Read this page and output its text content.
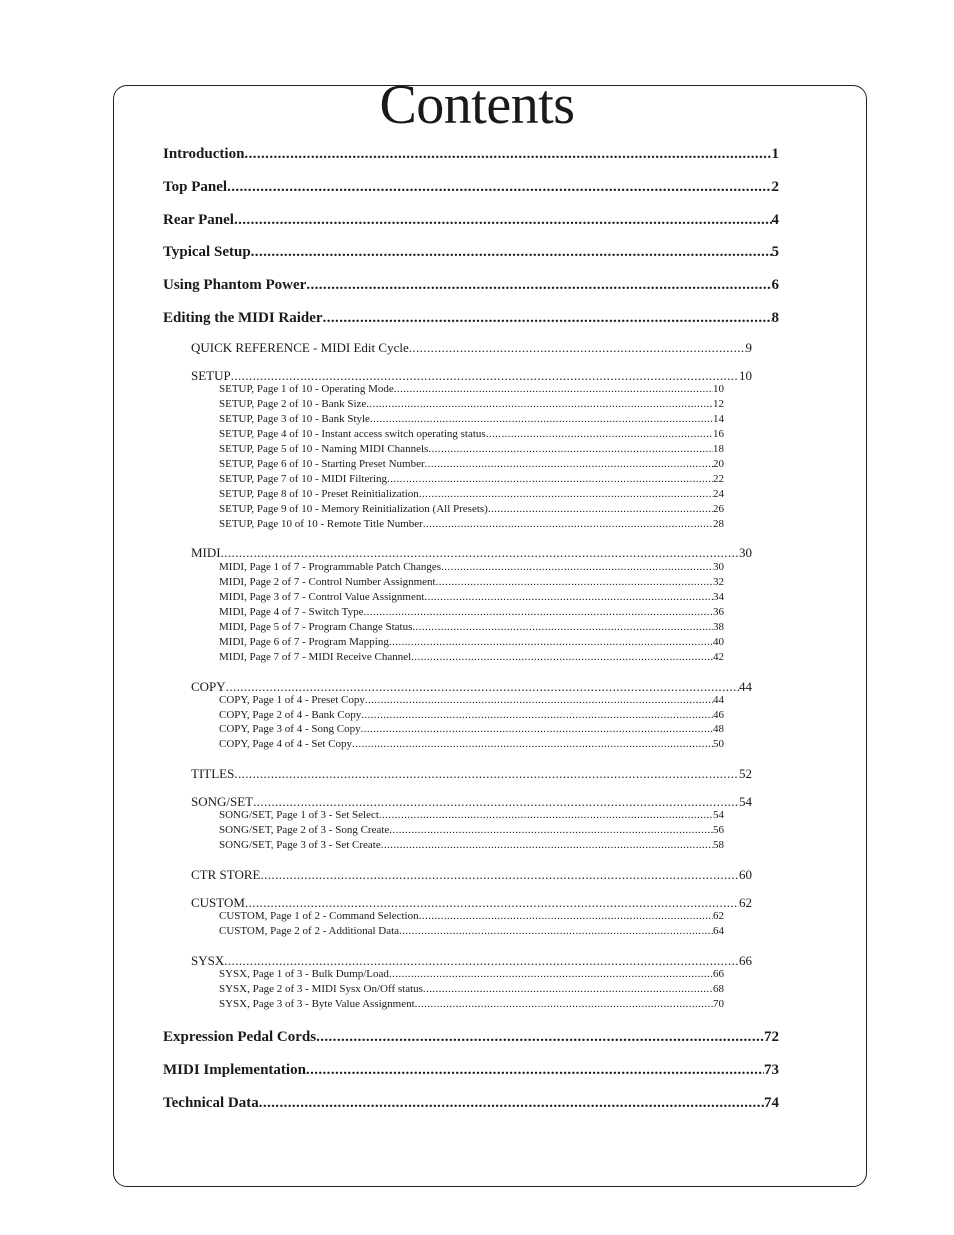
Contents
Introduction .....	1
Top Panel .....	2
Rear Panel .....	4
Typical Setup .....	5
Using Phantom Power .....	6
Editing the MIDI Raider .....	8
QUICK REFERENCE - MIDI Edit Cycle .....	9
SETUP .....	10
SETUP, Page 1 of 10 - Operating Mode .....	10
SETUP, Page 2 of 10 - Bank Size .....	12
SETUP, Page 3 of 10 - Bank Style .....	14
SETUP, Page 4 of 10 - Instant access switch operating status .....	16
SETUP, Page 5 of 10 - Naming MIDI Channels .....	18
SETUP, Page 6 of 10 - Starting Preset Number .....	20
SETUP, Page 7 of 10 - MIDI Filtering .....	22
SETUP, Page 8 of 10 - Preset Reinitialization .....	24
SETUP, Page 9 of 10 - Memory Reinitialization (All Presets) .....	26
SETUP, Page 10 of 10 - Remote Title Number .....	28
MIDI .....	30
MIDI, Page 1 of 7 - Programmable Patch Changes .....	30
MIDI, Page 2 of 7 - Control Number Assignment .....	32
MIDI, Page 3 of 7 - Control Value Assignment .....	34
MIDI, Page 4 of 7 - Switch Type .....	36
MIDI, Page 5 of 7 - Program Change Status .....	38
MIDI, Page 6 of 7 - Program Mapping .....	40
MIDI, Page 7 of 7 - MIDI Receive Channel .....	42
COPY .....	44
COPY, Page 1 of 4 - Preset Copy .....	44
COPY, Page 2 of 4 - Bank Copy .....	46
COPY, Page 3 of 4 - Song Copy .....	48
COPY, Page 4 of 4 - Set Copy .....	50
TITLES .....	52
SONG/SET .....	54
SONG/SET, Page 1 of 3 - Set Select .....	54
SONG/SET, Page 2 of 3 - Song Create .....	56
SONG/SET, Page 3 of 3 - Set Create .....	58
CTR STORE .....	60
CUSTOM .....	62
CUSTOM, Page 1 of 2 - Command Selection .....	62
CUSTOM, Page 2 of 2 - Additional Data .....	64
SYSX .....	66
SYSX, Page 1 of 3 - Bulk Dump/Load .....	66
SYSX, Page 2 of 3 - MIDI Sysx On/Off status .....	68
SYSX, Page 3 of 3 - Byte Value Assignment .....	70
Expression Pedal Cords .....	72
MIDI Implementation .....	73
Technical Data .....	74
